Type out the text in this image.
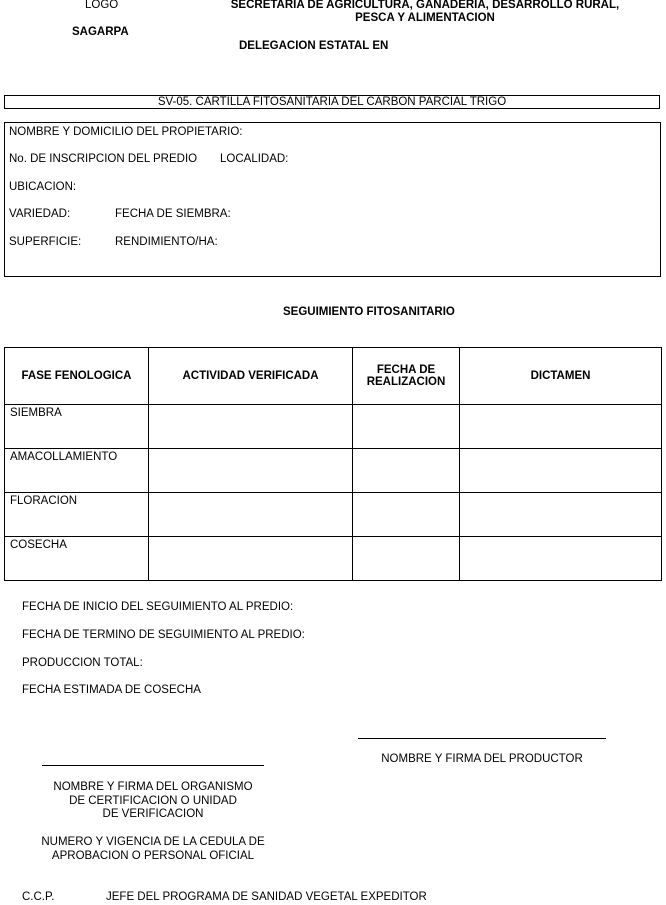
LOGO	SECRETARIA DE AGRICULTURA, GANADERIA, DESARROLLO RURAL,
PESCA Y ALIMENTACION
SAGARPA
DELEGACION ESTATAL EN
SV-05. CARTILLA FITOSANITARIA DEL CARBON PARCIAL TRIGO
NOMBRE Y DOMICILIO DEL PROPIETARIO:
No. DE INSCRIPCION DEL PREDIO LOCALIDAD:
UBICACION:
VARIEDAD:	FECHA DE SIEMBRA:
SUPERFICIE:	RENDIMIENTO/HA:
SEGUIMIENTO FITOSANITARIO
FASE FENOLOGICA	ACTIVIDAD VERIFICADA	FECHA DE REALIZACION	DICTAMEN
SIEMBRA			
AMACOLLAMIENTO			
FLORACION			
COSECHA			
FECHA DE INICIO DEL SEGUIMIENTO AL PREDIO:
FECHA DE TERMINO DE SEGUIMIENTO AL PREDIO:
PRODUCCION TOTAL:
FECHA ESTIMADA DE COSECHA
NOMBRE Y FIRMA DEL PRODUCTOR
NOMBRE Y FIRMA DEL ORGANISMO
DE CERTIFICACION O UNIDAD
DE VERIFICACION
NUMERO Y VIGENCIA DE LA CEDULA DE
APROBACION O PERSONAL OFICIAL
C.C.P.	JEFE DEL PROGRAMA DE SANIDAD VEGETAL EXPEDITOR
